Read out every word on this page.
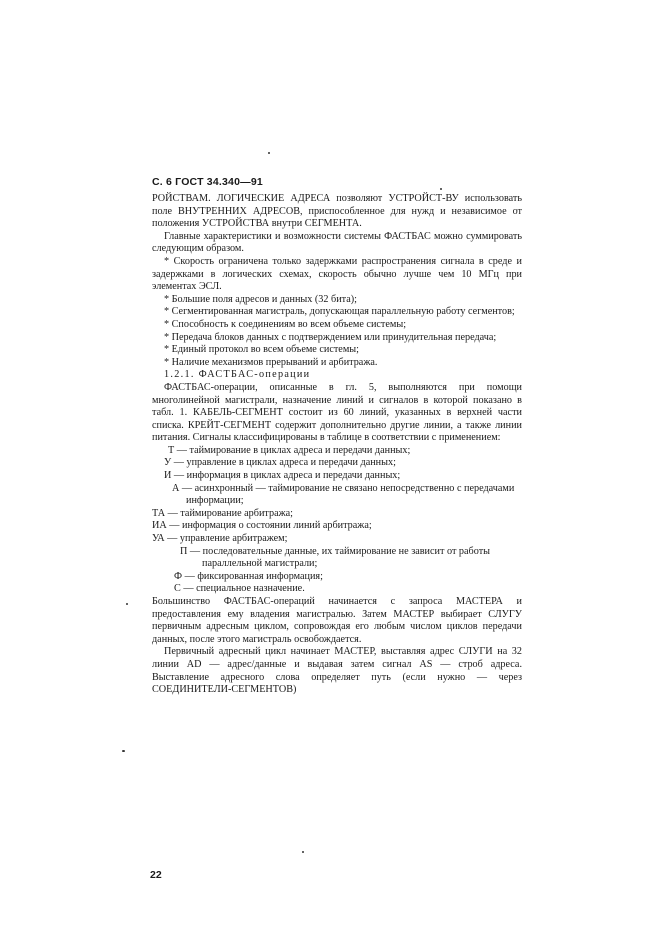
С. 6 ГОСТ 34.340—91

РОЙСТВАМ. ЛОГИЧЕСКИЕ АДРЕСА позволяют УСТРОЙСТ-ВУ использовать поле ВНУТРЕННИХ АДРЕСОВ, приспособленное для нужд и независимое от положения УСТРОЙСТВА внутри СЕГМЕНТА.

Главные характеристики и возможности системы ФАСТБАС можно суммировать следующим образом.

* Скорость ограничена только задержками распространения сигнала в среде и задержками в логических схемах, скорость обычно лучше чем 10 МГц при элементах ЭСЛ.

* Большие поля адресов и данных (32 бита);

* Сегментированная магистраль, допускающая параллельную работу сегментов;

* Способность к соединениям во всем объеме системы;

* Передача блоков данных с подтверждением или принудительная передача;

* Единый протокол во всем объеме системы;

* Наличие механизмов прерываний и арбитража.

1.2.1. ФАСТБАС-операции

ФАСТБАС-операции, описанные в гл. 5, выполняются при помощи многолинейной магистрали, назначение линий и сигналов в которой показано в табл. 1. КАБЕЛЬ-СЕГМЕНТ состоит из 60 линий, указанных в верхней части списка. КРЕЙТ-СЕГМЕНТ содержит дополнительно другие линии, а также линии питания. Сигналы классифицированы в таблице в соответствии с применением:

Т — таймирование в циклах адреса и передачи данных;

У — управление в циклах адреса и передачи данных;

И — информация в циклах адреса и передачи данных;

А — асинхронный — таймирование не связано непосредственно с передачами информации;

ТА — таймирование арбитража;

ИА — информация о состоянии линий арбитража;

УА — управление арбитражем;

П — последовательные данные, их таймирование не зависит от работы параллельной магистрали;

Ф — фиксированная информация;

С — специальное назначение.

Большинство ФАСТБАС-операций начинается с запроса МАСТЕРА и предоставления ему владения магистралью. Затем МАСТЕР выбирает СЛУГУ первичным адресным циклом, сопровождая его любым числом циклов передачи данных, после этого магистраль освобождается.

Первичный адресный цикл начинает МАСТЕР, выставляя адрес СЛУГИ на 32 линии AD — адрес/данные и выдавая затем сигнал AS — строб адреса. Выставление адресного слова определяет путь (если нужно — через СОЕДИНИТЕЛИ-СЕГМЕНТОВ)

22
